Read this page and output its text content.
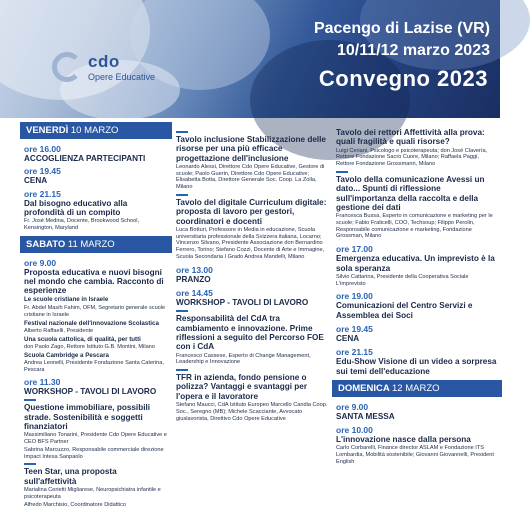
cdo
Opere Educative
Pacengo di Lazise (VR)
10/11/12 marzo 2023
Convegno 2023
VENERDÌ 10 MARZO
ore 16.00
ACCOGLIENZA PARTECIPANTI
ore 19.45
CENA
ore 21.15
Dal bisogno educativo alla profondità di un compito
Fr. José Medina, Docente, Brookwood School, Kensington, Maryland
SABATO 11 MARZO
ore 9.00
Proposta educativa e nuovi bisogni nel mondo che cambia. Racconto di esperienze
Le scuole cristiane in Israele
Fr. Abdel Masih Fahim, OFM, Segretario generale scuole cristiane in Israele
Festival nazionale dell'innovazione Scolastica
Alberto Raffaelli, Presidente
Una scuola cattolica, di qualità, per tutti
don Paolo Zago, Rettore Istituto G.B. Montini, Milano
Scuola Cambridge a Pescara
Andrea Leonelli, Presidente Fondazione Santa Caterina, Pescara
ore 11.30
WORKSHOP - TAVOLI DI LAVORO
Questione immobiliare, possibili strade. Sostenibilità e soggetti finanziatori
Massimiliano Tonarini, Presidente Cdo Opere Educative e CEO BFS Partner
Sabrina Marcuzzo, Responsabile commerciale direzione Impact Intesa Sanpaolo
Teen Star, una proposta sull'affettività
Marialina Cerietti Migliarese, Neuropsichiatra infantile e psicoterapeuta
Alfredo Marchisio, Coordinatore Didattico
Tavolo inclusione Stabilizzazione delle risorse per una più efficace progettazione dell'inclusione
Leonardo Alessi, Direttore Cdo Opere Educative, Gestore di scuole; Paolo Guerin, Direttore Cdo Opere Educative; Elisabetta Botta, Direttore Generale Soc. Coop. La Zolla, Milano
Tavolo del digitale Curriculum digitale: proposta di lavoro per gestori, coordinatori e docenti
Luca Botturi, Professore in Media in educazione, Scuola universitaria professionale della Svizzera italiana, Locarno; Vincenzo Silvano, Presidente Associazione don Bernardino Ferrero, Torino; Stefano Cozzi, Docente di Arte e Immagine, Scuola Secondaria I Grado Andrea Mandelli, Milano
ore 13.00
PRANZO
ore 14.45
WORKSHOP - TAVOLI DI LAVORO
Responsabilità del CdA tra cambiamento e innovazione. Prime riflessioni a seguito del Percorso FOE con i CdA
Francesco Cassese, Esperto di Change Management, Leadership e Innovazione
TFR in azienda, fondo pensione o polizza? Vantaggi e svantaggi per l'opera e il lavoratore
Stefano Maucci, CdA Istituto Europeo Marcello Candia Coop. Soc., Seregno (MB); Michele Scacciante, Avvocato giuslavorista, Direttivo Cdo Opere Educative
Tavolo dei rettori Affettività alla prova: quali fragilità e quali risorse?
Luigi Ceriani, Psicologo e psicoterapeuta; don José Clavería, Rettore Fondazione Sacro Cuore, Milano; Raffaela Paggi, Rettore Fondazione Grossmann, Milano
Tavolo della comunicazione Avessi un dato... Spunti di riflessione sull'importanza della raccolta e della gestione dei dati
Francesca Bussa, Esperto in comunicazione e marketing per le scuole; Fabio Fraticelli, COO, Techsoup; Filippo Perolin, Responsabile comunicazione e marketing, Fondazione Grossman, Milano
ore 17.00
Emergenza educativa. Un imprevisto è la sola speranza
Silvio Cattarina, Presidente della Cooperativa Sociale L'imprevisto
ore 19.00
Comunicazioni del Centro Servizi e Assemblea dei Soci
ore 19.45
CENA
ore 21.15
Edu-Show Visione di un video a sorpresa sui temi dell'educazione
DOMENICA 12 MARZO
ore 9.00
SANTA MESSA
ore 10.00
L'innovazione nasce dalla persona
Carlo Corbarelli, Finance director ASLAM e Fondazione ITS Lombardia, Mobilità sostenibile; Giovanni Giovannelli, President English
